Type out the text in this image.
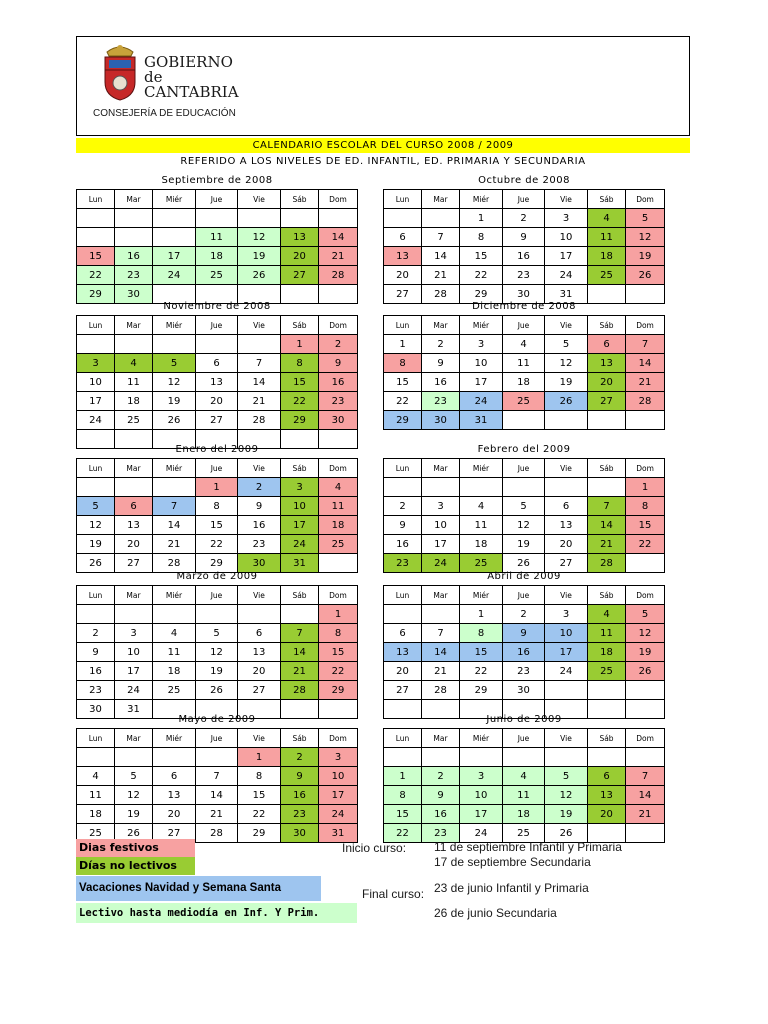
GOBIERNO
de
CANTABRIA
CONSEJERÍA DE EDUCACIÓN
CALENDARIO ESCOLAR DEL CURSO 2008 / 2009
REFERIDO A LOS NIVELES DE ED. INFANTIL, ED. PRIMARIA Y SECUNDARIA
Septiembre de 2008						
Lun	Mar	Miér	Jue	Vie	Sáb	Dom

			11	12	13	14
15	16	17	18	19	20	21
22	23	24	25	26	27	28
29	30					
Octubre de 2008						
Lun	Mar	Miér	Jue	Vie	Sáb	Dom
		1	2	3	4	5
6	7	8	9	10	11	12
13	14	15	16	17	18	19
20	21	22	23	24	25	26
27	28	29	30	31		
Noviembre de 2008						
Lun	Mar	Miér	Jue	Vie	Sáb	Dom
					1	2
3	4	5	6	7	8	9
10	11	12	13	14	15	16
17	18	19	20	21	22	23
24	25	26	27	28	29	30

Diciembre de 2008						
Lun	Mar	Miér	Jue	Vie	Sáb	Dom
1	2	3	4	5	6	7
8	9	10	11	12	13	14
15	16	17	18	19	20	21
22	23	24	25	26	27	28
29	30	31				
Enero del 2009						
Lun	Mar	Miér	Jue	Vie	Sáb	Dom
			1	2	3	4
5	6	7	8	9	10	11
12	13	14	15	16	17	18
19	20	21	22	23	24	25
26	27	28	29	30	31	
Febrero del 2009						
Lun	Mar	Miér	Jue	Vie	Sáb	Dom
						1
2	3	4	5	6	7	8
9	10	11	12	13	14	15
16	17	18	19	20	21	22
23	24	25	26	27	28	
Marzo de 2009						
Lun	Mar	Miér	Jue	Vie	Sáb	Dom
						1
2	3	4	5	6	7	8
9	10	11	12	13	14	15
16	17	18	19	20	21	22
23	24	25	26	27	28	29
30	31					
Abril de 2009						
Lun	Mar	Miér	Jue	Vie	Sáb	Dom
		1	2	3	4	5
6	7	8	9	10	11	12
13	14	15	16	17	18	19
20	21	22	23	24	25	26
27	28	29	30			

Mayo de 2009						
Lun	Mar	Miér	Jue	Vie	Sáb	Dom
				1	2	3
4	5	6	7	8	9	10
11	12	13	14	15	16	17
18	19	20	21	22	23	24
25	26	27	28	29	30	31
Junio de 2009						
Lun	Mar	Miér	Jue	Vie	Sáb	Dom

1	2	3	4	5	6	7
8	9	10	11	12	13	14
15	16	17	18	19	20	21
22	23	24	25	26		
Dias festivos
Días no lectivos
Vacaciones Navidad y Semana Santa
Lectivo hasta mediodía en Inf. Y Prim.
Inicio curso: 11 de septiembre Infantil y Primaria
17 de septiembre Secundaria
Final curso: 23 de junio Infantil y Primaria
26 de junio Secundaria
